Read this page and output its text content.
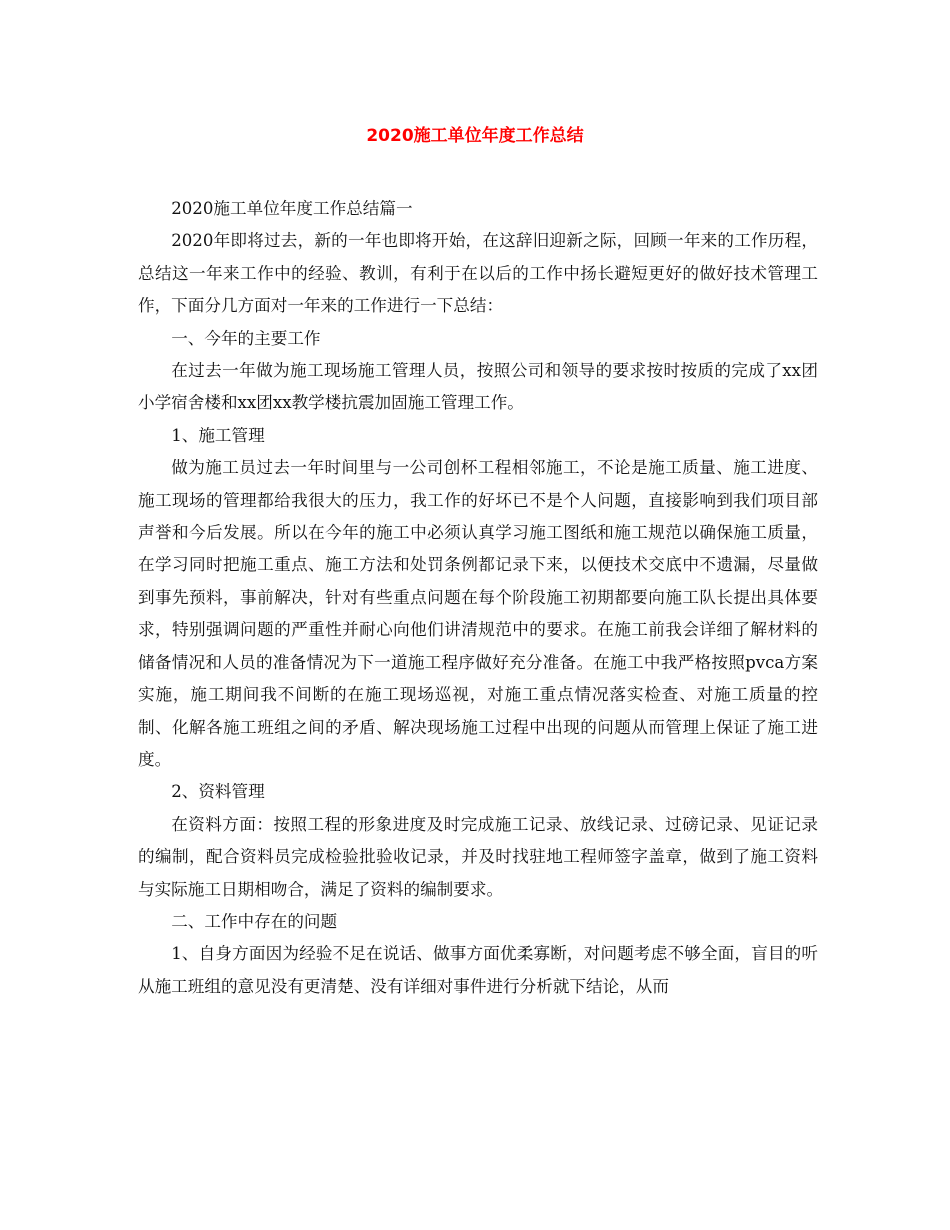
2020施工单位年度工作总结

2020施工单位年度工作总结篇一

2020年即将过去，新的一年也即将开始，在这辞旧迎新之际，回顾一年来的工作历程，总结这一年来工作中的经验、教训，有利于在以后的工作中扬长避短更好的做好技术管理工作，下面分几方面对一年来的工作进行一下总结：

一、今年的主要工作

在过去一年做为施工现场施工管理人员，按照公司和领导的要求按时按质的完成了xx团小学宿舍楼和xx团xx教学楼抗震加固施工管理工作。

1、施工管理

做为施工员过去一年时间里与一公司创杯工程相邻施工，不论是施工质量、施工进度、施工现场的管理都给我很大的压力，我工作的好坏已不是个人问题，直接影响到我们项目部声誉和今后发展。所以在今年的施工中必须认真学习施工图纸和施工规范以确保施工质量，在学习同时把施工重点、施工方法和处罚条例都记录下来，以便技术交底中不遗漏，尽量做到事先预料，事前解决，针对有些重点问题在每个阶段施工初期都要向施工队长提出具体要求，特别强调问题的严重性并耐心向他们讲清规范中的要求。在施工前我会详细了解材料的储备情况和人员的准备情况为下一道施工程序做好充分准备。在施工中我严格按照pvca方案实施，施工期间我不间断的在施工现场巡视，对施工重点情况落实检查、对施工质量的控制、化解各施工班组之间的矛盾、解决现场施工过程中出现的问题从而管理上保证了施工进度。

2、资料管理

在资料方面：按照工程的形象进度及时完成施工记录、放线记录、过磅记录、见证记录的编制，配合资料员完成检验批验收记录，并及时找驻地工程师签字盖章，做到了施工资料与实际施工日期相吻合，满足了资料的编制要求。

二、工作中存在的问题

1、自身方面因为经验不足在说话、做事方面优柔寡断，对问题考虑不够全面，盲目的听从施工班组的意见没有更清楚、没有详细对事件进行分析就下结论，从而
